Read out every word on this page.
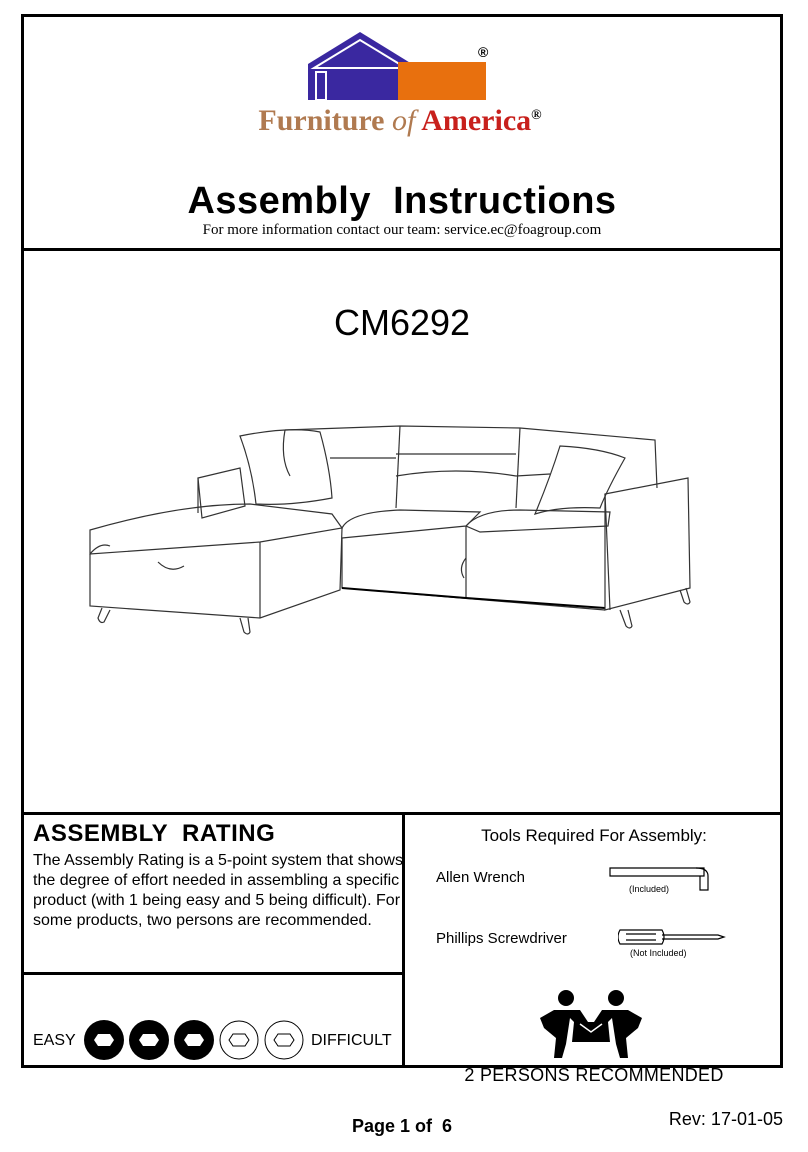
®
Furniture of America®
Assembly  Instructions
For more information contact our team: service.ec@foagroup.com
CM6292
ASSEMBLY  RATING
The Assembly Rating is a 5-point system that shows the degree of effort needed in assembling a specific product (with 1 being easy and 5 being difficult). For some products, two persons are recommended.
EASY	DIFFICULT
Tools Required For Assembly:
Allen Wrench
(Included)
Phillips Screwdriver
(Not Included)
2 PERSONS RECOMMENDED
Page 1 of  6	Rev: 17-01-05
